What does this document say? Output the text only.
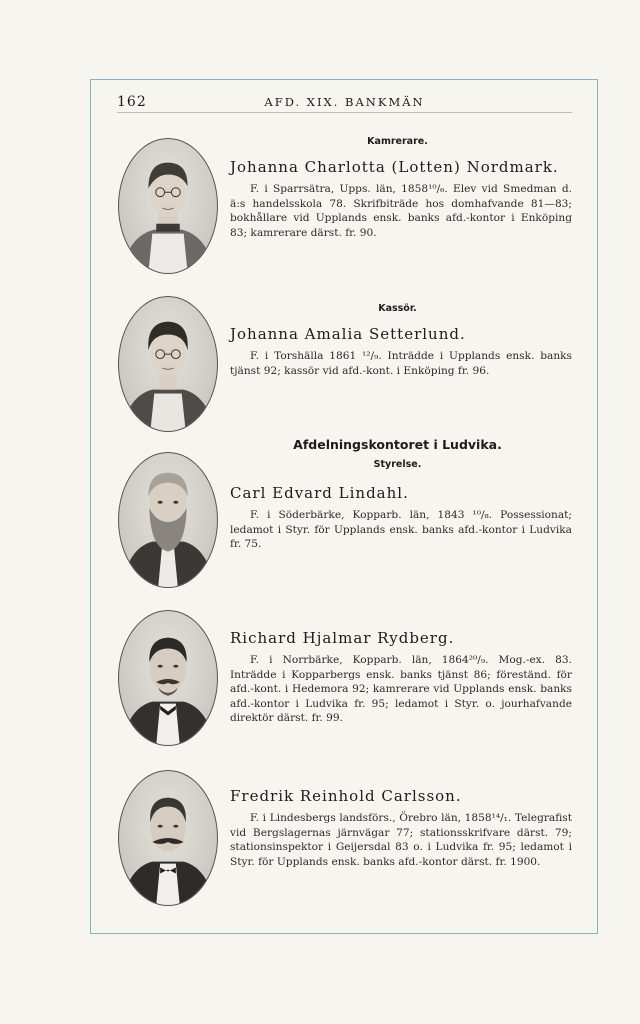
162	AFD. XIX. BANKMÄN
Kamrerare.
Johanna Charlotta (Lotten) Nordmark.

F. i Sparrsätra, Upps. län, 1858¹⁰/₆. Elev vid Smedman d. ä:s handelsskola 78. Skrifbiträde hos domhafvande 81—83; bokhållare vid Upplands ensk. banks afd.-kontor i Enköping 83; kamrerare därst. fr. 90.

Kassör.
Johanna Amalia Setterlund.

F. i Torshälla 1861 ¹²/₉. Inträdde i Upplands ensk. banks tjänst 92; kassör vid afd.-kont. i Enköping fr. 96.

Afdelningskontoret i Ludvika.
Styrelse.
Carl Edvard Lindahl.

F. i Söderbärke, Kopparb. län, 1843 ¹⁰/₈. Possessionat; ledamot i Styr. för Upplands ensk. banks afd.-kontor i Ludvika fr. 75.

Richard Hjalmar Rydberg.

F. i Norrbärke, Kopparb. län, 1864²⁰/₉. Mog.-ex. 83. Inträdde i Kopparbergs ensk. banks tjänst 86; föreständ. för afd.-kont. i Hedemora 92; kamrerare vid Upplands ensk. banks afd.-kontor i Ludvika fr. 95; ledamot i Styr. o. jourhafvande direktör därst. fr. 99.

Fredrik Reinhold Carlsson.

F. i Lindesbergs landsförs., Örebro län, 1858¹⁴/₁. Telegrafist vid Bergslagernas järnvägar 77; stationsskrifvare därst. 79; stationsinspektor i Geijersdal 83 o. i Ludvika fr. 95; ledamot i Styr. för Upplands ensk. banks afd.-kontor därst. fr. 1900.
